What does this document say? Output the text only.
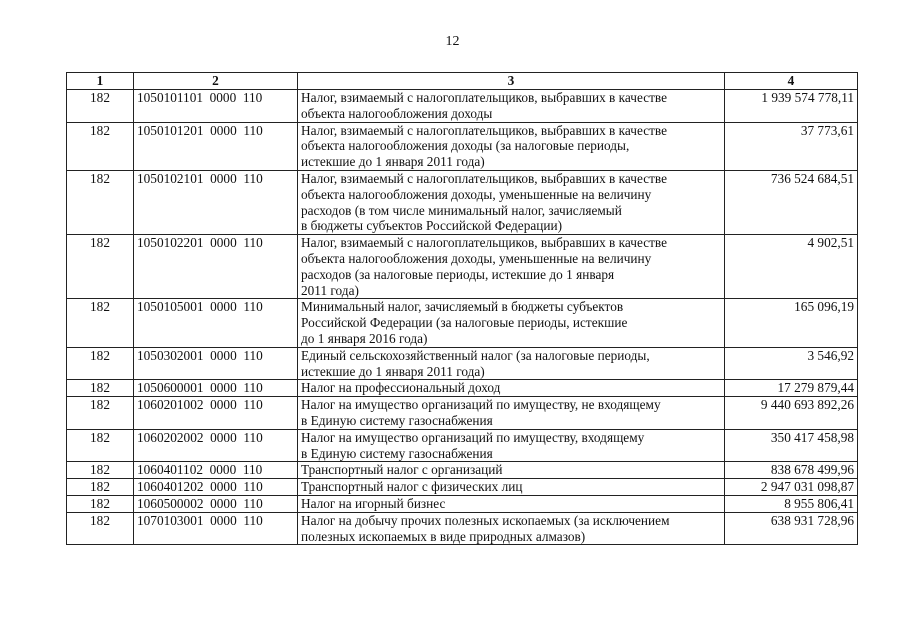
12
1	2	3	4
182	1050101101  0000  110	Налог, взимаемый с налогоплательщиков, выбравших в качестве
объекта налогообложения доходы	1 939 574 778,11
182	1050101201  0000  110	Налог, взимаемый с налогоплательщиков, выбравших в качестве
объекта налогообложения доходы (за налоговые периоды,
истекшие до 1 января 2011 года)	37 773,61
182	1050102101  0000  110	Налог, взимаемый с налогоплательщиков, выбравших в качестве
объекта налогообложения доходы, уменьшенные на величину
расходов (в том числе минимальный налог, зачисляемый
в бюджеты субъектов Российской Федерации)	736 524 684,51
182	1050102201  0000  110	Налог, взимаемый с налогоплательщиков, выбравших в качестве
объекта налогообложения доходы, уменьшенные на величину
расходов (за налоговые периоды, истекшие до 1 января
2011 года)	4 902,51
182	1050105001  0000  110	Минимальный налог, зачисляемый в бюджеты субъектов
Российской Федерации (за налоговые периоды, истекшие
до 1 января 2016 года)	165 096,19
182	1050302001  0000  110	Единый сельскохозяйственный налог (за налоговые периоды,
истекшие до 1 января 2011 года)	3 546,92
182	1050600001  0000  110	Налог на профессиональный доход	17 279 879,44
182	1060201002  0000  110	Налог на имущество организаций по имуществу, не входящему
в Единую систему газоснабжения	9 440 693 892,26
182	1060202002  0000  110	Налог на имущество организаций по имуществу, входящему
в Единую систему газоснабжения	350 417 458,98
182	1060401102  0000  110	Транспортный налог с организаций	838 678 499,96
182	1060401202  0000  110	Транспортный налог с физических лиц	2 947 031 098,87
182	1060500002  0000  110	Налог на игорный бизнес	8 955 806,41
182	1070103001  0000  110	Налог на добычу прочих полезных ископаемых (за исключением
полезных ископаемых в виде природных алмазов)	638 931 728,96
